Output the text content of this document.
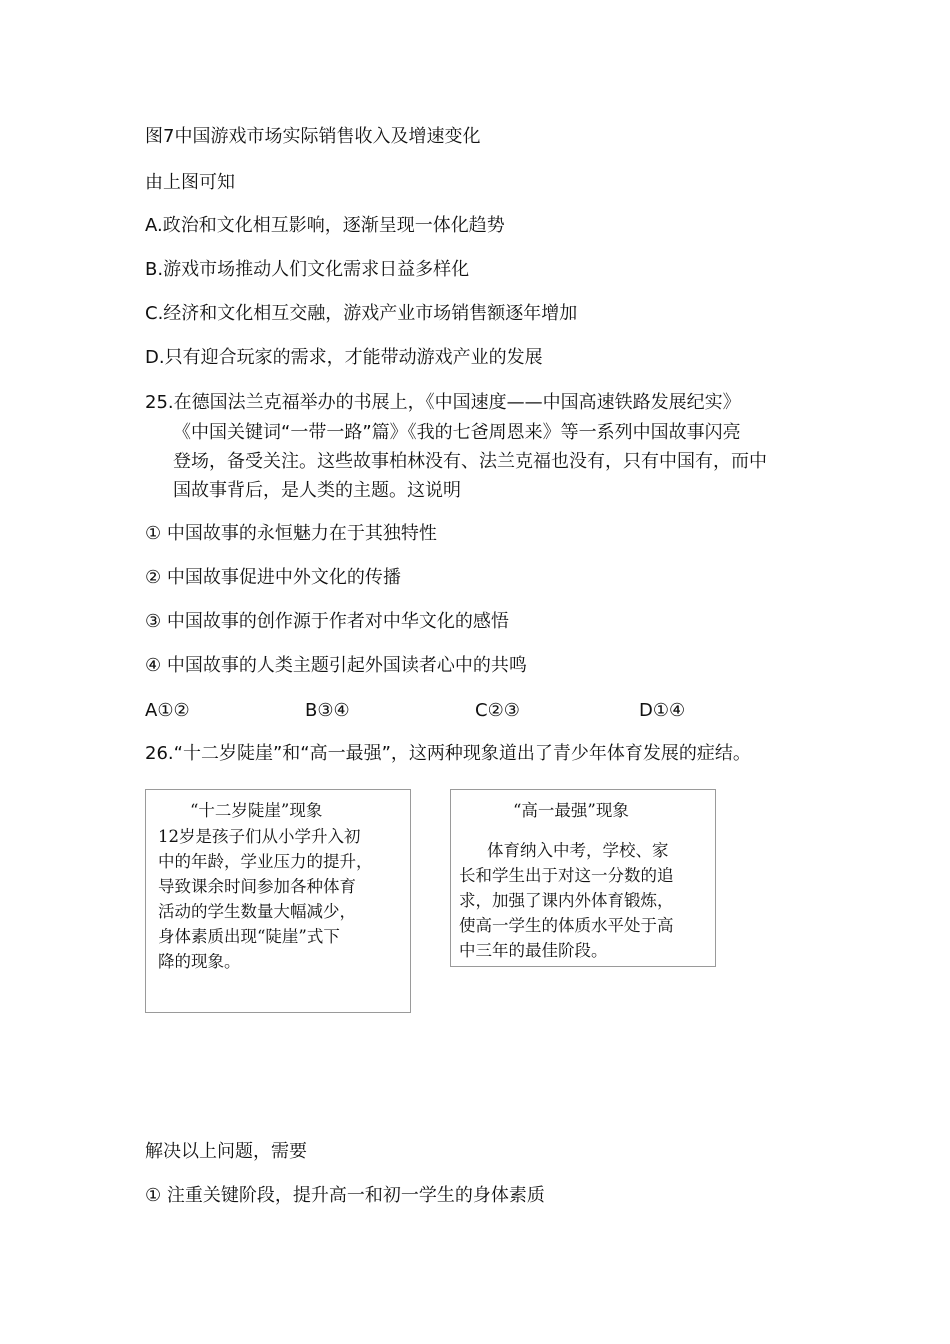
图7中国游戏市场实际销售收入及增速变化
由上图可知
A.政治和文化相互影响，逐渐呈现一体化趋势
B.游戏市场推动人们文化需求日益多样化
C.经济和文化相互交融，游戏产业市场销售额逐年增加
D.只有迎合玩家的需求，才能带动游戏产业的发展
25.在德国法兰克福举办的书展上，《中国速度——中国高速铁路发展纪实》
《中国关键词“一带一路”篇》《我的七爸周恩来》等一系列中国故事闪亮
登场，备受关注。这些故事柏林没有、法兰克福也没有，只有中国有，而中
国故事背后，是人类的主题。这说明
① 中国故事的永恒魅力在于其独特性
② 中国故事促进中外文化的传播
③ 中国故事的创作源于作者对中华文化的感悟
④ 中国故事的人类主题引起外国读者心中的共鸣
A①②	B③④	C②③	D①④
26.“十二岁陡崖”和“高一最强”，这两种现象道出了青少年体育发展的症结。
“十二岁陡崖”现象
12岁是孩子们从小学升入初
中的年龄，学业压力的提升，
导致课余时间参加各种体育
活动的学生数量大幅减少，
身体素质出现“陡崖”式下
降的现象。
“高一最强”现象
体育纳入中考，学校、家
长和学生出于对这一分数的追
求，加强了课内外体育锻炼，
使高一学生的体质水平处于高
中三年的最佳阶段。
解决以上问题，需要
① 注重关键阶段，提升高一和初一学生的身体素质
